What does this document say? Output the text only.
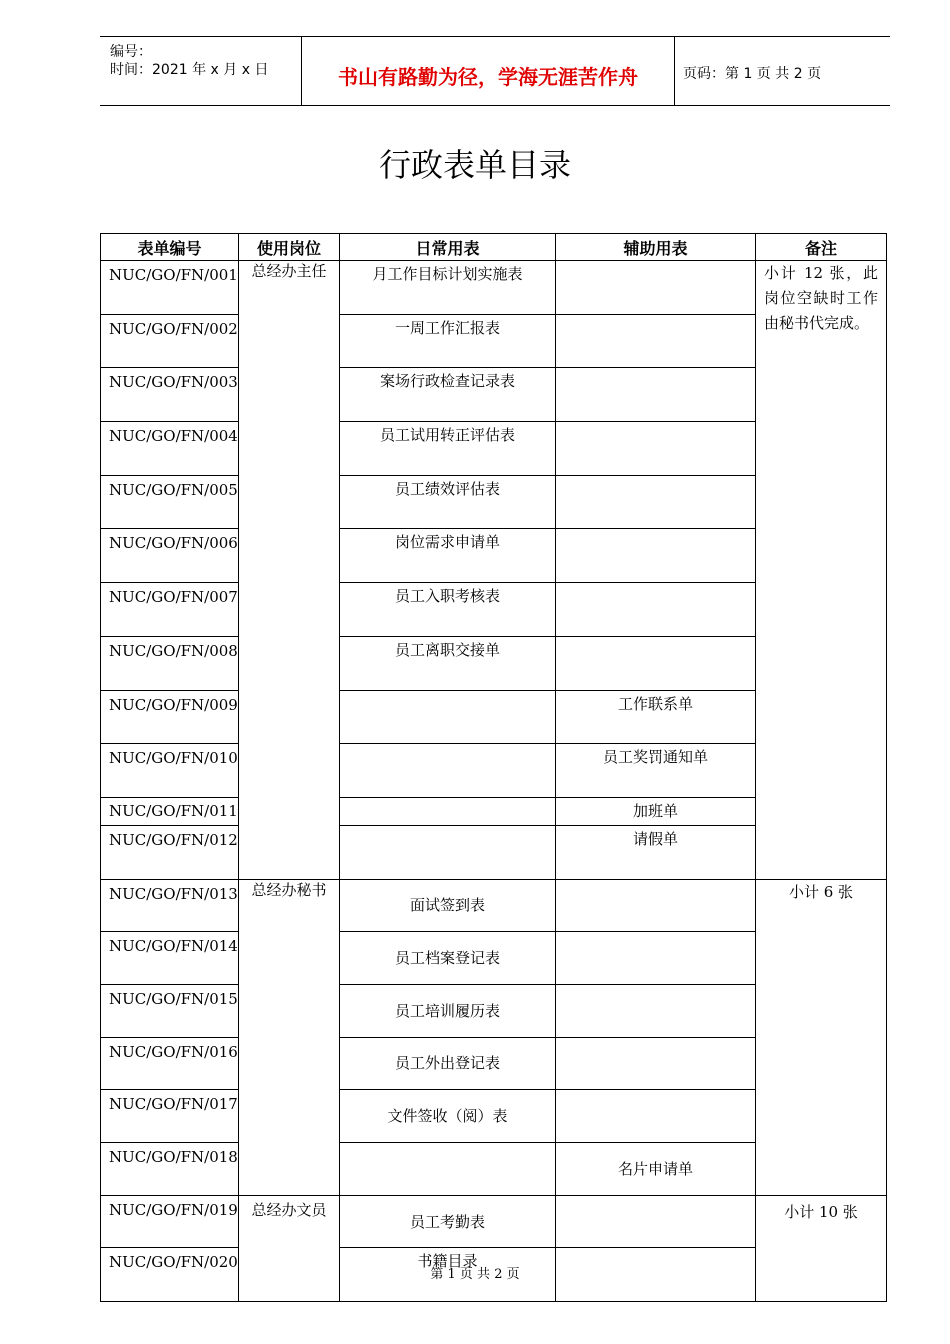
编号：
时间：2021 年 x 月 x 日	书山有路勤为径，学海无涯苦作舟	页码：第 1 页 共 2 页
行政表单目录
表单编号	使用岗位	日常用表	辅助用表	备注
NUC/GO/FN/001	总经办主任	月工作目标计划实施表		小计 12 张，此岗位空缺时工作由秘书代完成。
NUC/GO/FN/002		一周工作汇报表		
NUC/GO/FN/003		案场行政检查记录表		
NUC/GO/FN/004		员工试用转正评估表		
NUC/GO/FN/005		员工绩效评估表		
NUC/GO/FN/006		岗位需求申请单		
NUC/GO/FN/007		员工入职考核表		
NUC/GO/FN/008		员工离职交接单		
NUC/GO/FN/009			工作联系单	
NUC/GO/FN/010			员工奖罚通知单	
NUC/GO/FN/011			加班单	
NUC/GO/FN/012			请假单	
NUC/GO/FN/013	总经办秘书	面试签到表		小计 6 张
NUC/GO/FN/014		员工档案登记表		
NUC/GO/FN/015		员工培训履历表		
NUC/GO/FN/016		员工外出登记表		
NUC/GO/FN/017		文件签收（阅）表		
NUC/GO/FN/018			名片申请单	
NUC/GO/FN/019	总经办文员	员工考勤表		小计 10 张
NUC/GO/FN/020		书籍目录		
第 1 页 共 2 页
